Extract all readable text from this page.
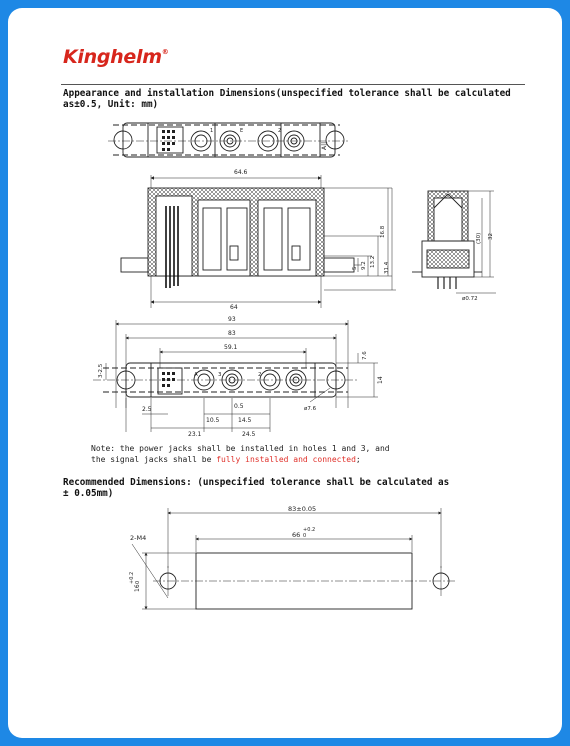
Kinghelm®
Appearance and installation Dimensions(unspecified tolerance shall be calculated
as±0.5, Unit: mm)
1	E	2
A||
64.6
64
16.8
13.2
9.2
5	31.4
(30) 32
ø0.72
93
83
59.1
7.6
14
3-2.5
2.5
10.5
0.5
14.5
23.1	24.5
ø7.6
A	3	2
83±0.05
66
+0.2
0
16
+0.2 0
2-M4
Note: the power jacks shall be installed in holes 1 and 3, and
the signal jacks shall be fully installed and connected;
Recommended Dimensions: (unspecified tolerance shall be calculated as
± 0.05mm)
